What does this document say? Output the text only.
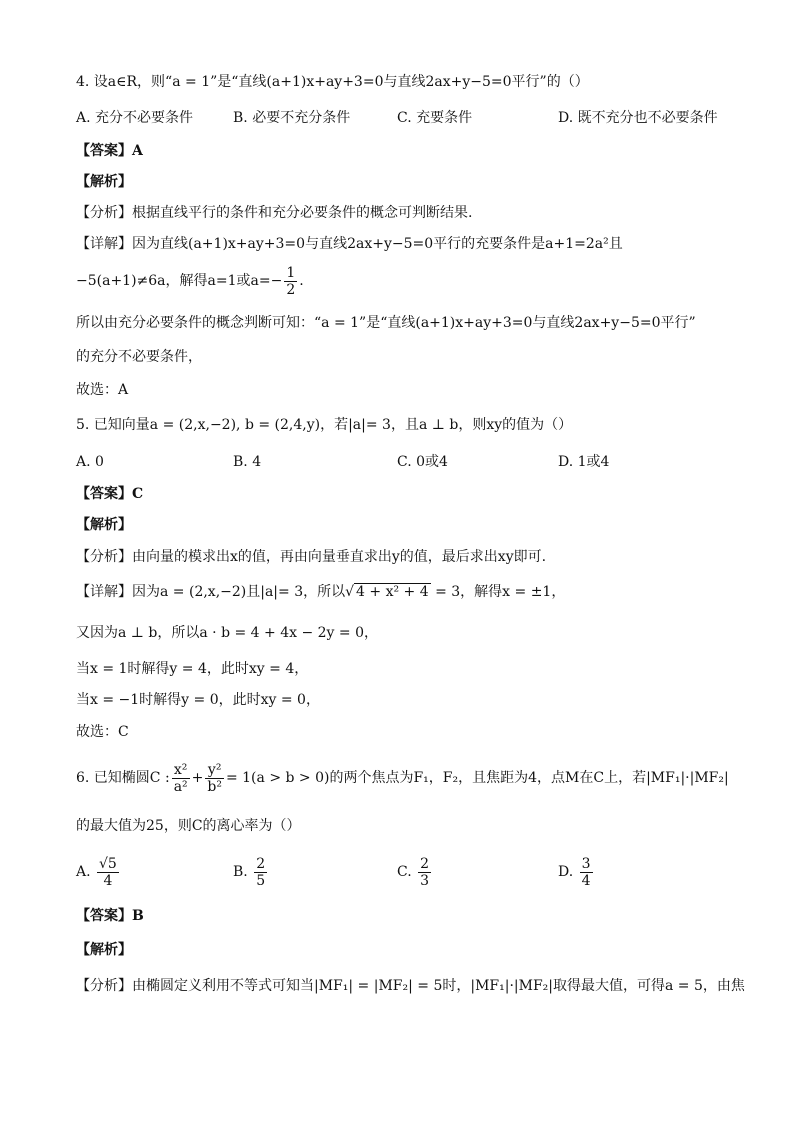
4. 设a∈R，则“a = 1”是“直线(a+1)x+ay+3=0与直线2ax+y−5=0平行”的（）
A. 充分不必要条件	B. 必要不充分条件	C. 充要条件	D. 既不充分也不必要条件
【答案】A
【解析】
【分析】根据直线平行的条件和充分必要条件的概念可判断结果.
【详解】因为直线(a+1)x+ay+3=0与直线2ax+y−5=0平行的充要条件是a+1=2a²且
−5(a+1)≠6a，解得a=1或$a=- \frac{1}{2}$ .
所以由充分必要条件的概念判断可知：“a = 1”是“直线(a+1)x+ay+3=0与直线2ax+y−5=0平行”
的充分不必要条件，
故选：A
5. 已知向量a = (2,x,−2), b = (2,4,y)，若|a|= 3，且a ⊥ b，则xy的值为（）
A. 0	B. 4	C. 0或4	D. 1或4
【答案】C
【解析】
【分析】由向量的模求出x的值，再由向量垂直求出y的值，最后求出xy即可.
【详解】因为a = (2,x,−2)且|a|= 3，所以√ 4 + x² + 4 = 3，解得x = ±1，
又因为a ⊥ b，所以a · b = 4 + 4x − 2y = 0，
当x = 1时解得y = 4，此时xy = 4，
当x = −1时解得y = 0，此时xy = 0，
故选：C
6. 已知椭圆C : $\frac{\text{x²}}{\text{a²}} + \frac{\text{y²}}{\text{b²}} = 1(a > b > 0)$的两个焦点为F₁，F₂，且焦距为4，点M在C上，若|MF₁|·|MF₂|
的最大值为25，则C的离心率为（）
A. $\frac{√5}{4}$	B. $\frac{2}{5}$	C. $\frac{2}{3}$	D. $\frac{3}{4}$
【答案】B
【解析】
【分析】由椭圆定义利用不等式可知当|MF₁| = |MF₂| = 5时，|MF₁|·|MF₂|取得最大值，可得a = 5，由焦
